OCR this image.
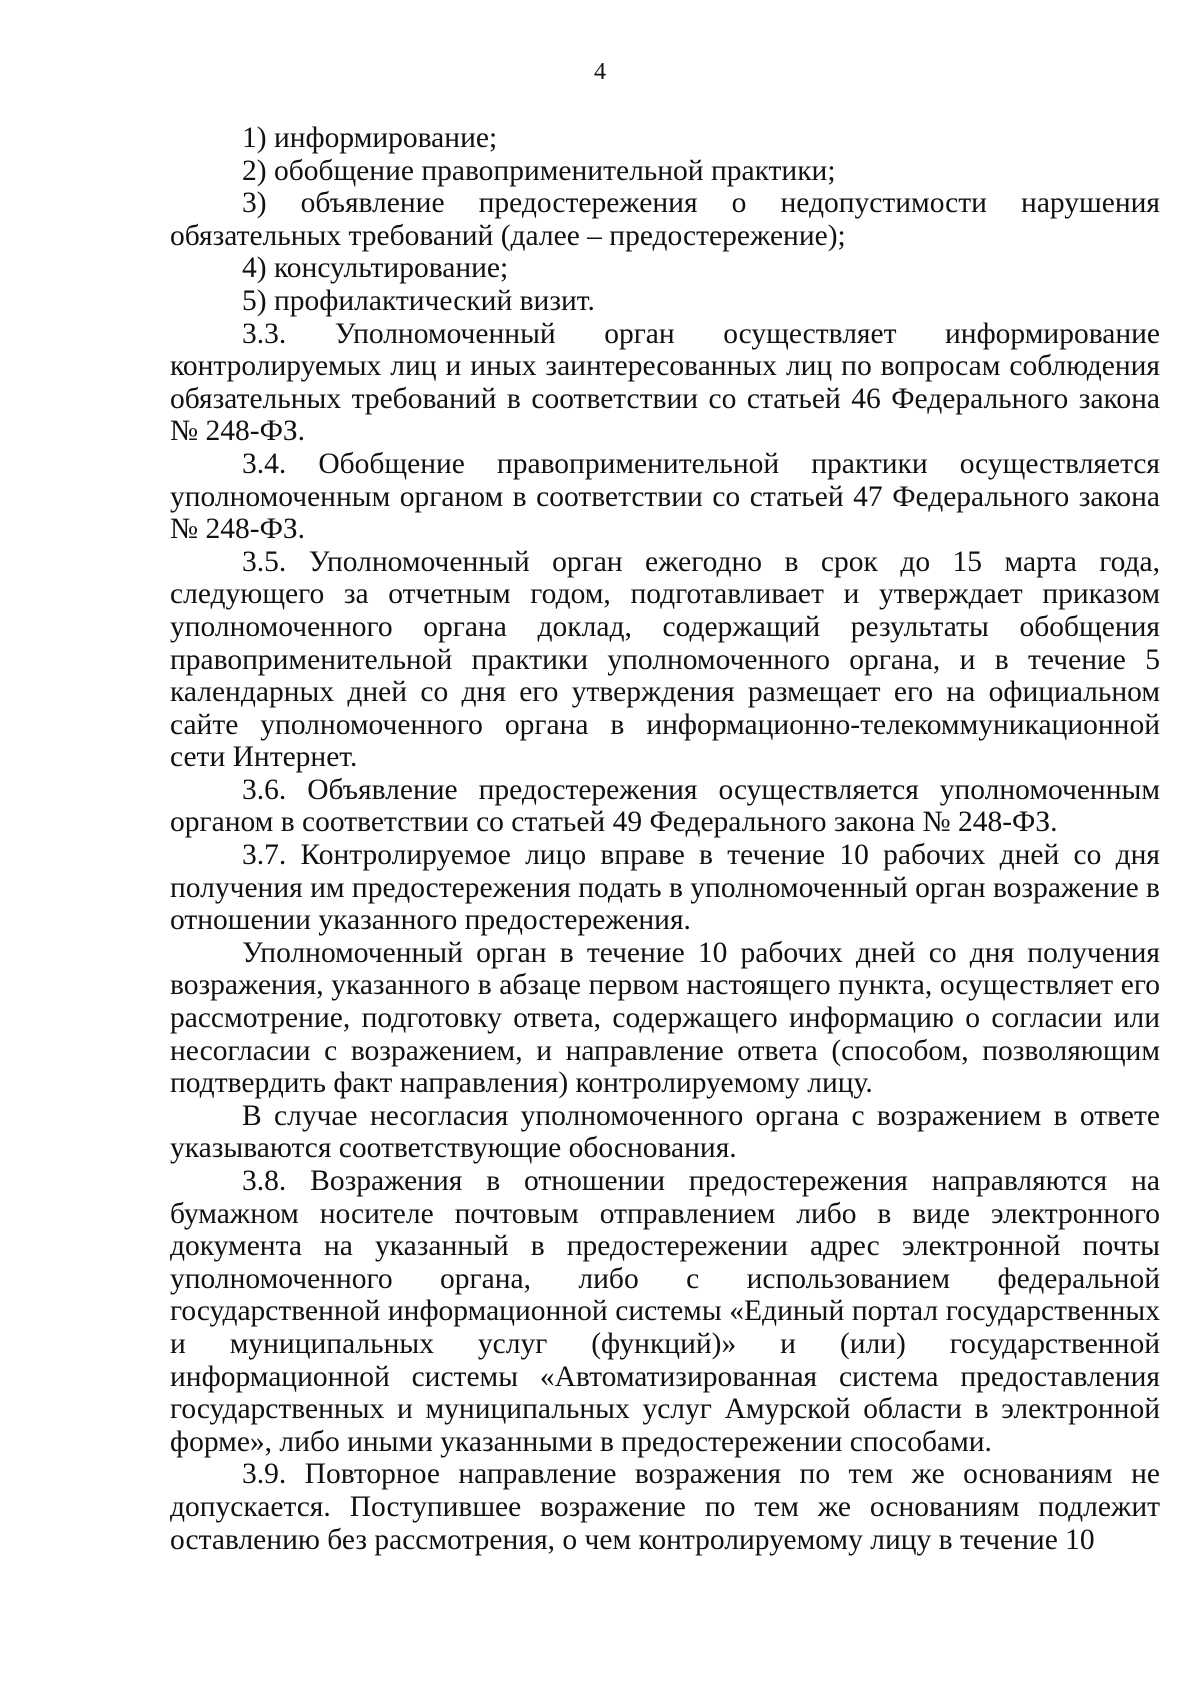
4

1) информирование;

2) обобщение правоприменительной практики;

3) объявление предостережения о недопустимости нарушения обязательных требований (далее – предостережение);

4) консультирование;

5) профилактический визит.

3.3. Уполномоченный орган осуществляет информирование контролируемых лиц и иных заинтересованных лиц по вопросам соблюдения обязательных требований в соответствии со статьей 46 Федерального закона № 248-ФЗ.

3.4. Обобщение правоприменительной практики осуществляется уполномоченным органом в соответствии со статьей 47 Федерального закона № 248-ФЗ.

3.5. Уполномоченный орган ежегодно в срок до 15 марта года, следующего за отчетным годом, подготавливает и утверждает приказом уполномоченного органа доклад, содержащий результаты обобщения правоприменительной практики уполномоченного органа, и в течение 5 календарных дней со дня его утверждения размещает его на официальном сайте уполномоченного органа в информационно-телекоммуникационной сети Интернет.

3.6. Объявление предостережения осуществляется уполномоченным органом в соответствии со статьей 49 Федерального закона № 248-ФЗ.

3.7. Контролируемое лицо вправе в течение 10 рабочих дней со дня получения им предостережения подать в уполномоченный орган возражение в отношении указанного предостережения.

Уполномоченный орган в течение 10 рабочих дней со дня получения возражения, указанного в абзаце первом настоящего пункта, осуществляет его рассмотрение, подготовку ответа, содержащего информацию о согласии или несогласии с возражением, и направление ответа (способом, позволяющим подтвердить факт направления) контролируемому лицу.

В случае несогласия уполномоченного органа с возражением в ответе указываются соответствующие обоснования.

3.8. Возражения в отношении предостережения направляются на бумажном носителе почтовым отправлением либо в виде электронного документа на указанный в предостережении адрес электронной почты уполномоченного органа, либо с использованием федеральной государственной информационной системы «Единый портал государственных и муниципальных услуг (функций)» и (или) государственной информационной системы «Автоматизированная система предоставления государственных и муниципальных услуг Амурской области в электронной форме», либо иными указанными в предостережении способами.

3.9. Повторное направление возражения по тем же основаниям не допускается. Поступившее возражение по тем же основаниям подлежит оставлению без рассмотрения, о чем контролируемому лицу в течение 10
